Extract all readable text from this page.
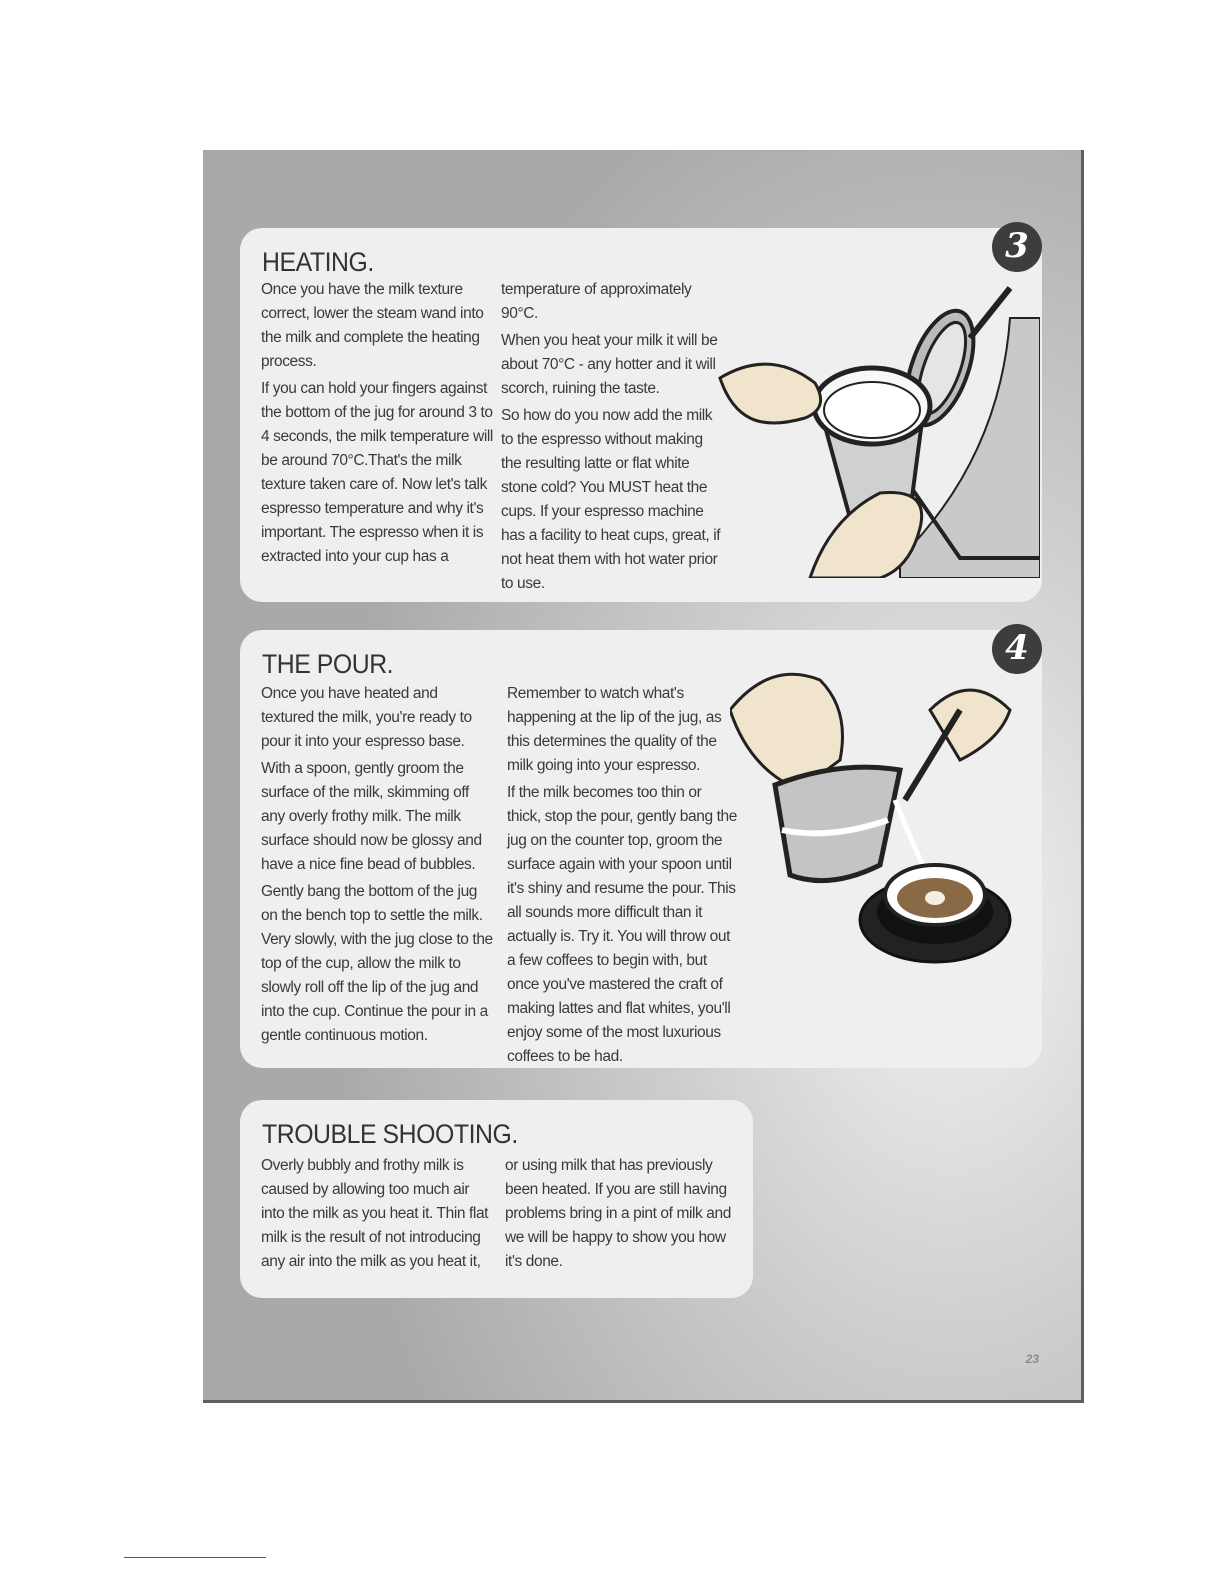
HEATING.

Once you have the milk texture correct, lower the steam wand into the milk and complete the heating process.

If you can hold your fingers against the bottom of the jug for around 3 to 4 seconds, the milk temperature will be around 70°C.That's the milk texture taken care of. Now let's talk espresso temperature and why it's important. The espresso when it is extracted into your cup has a

temperature of approximately 90°C.

When you heat your milk it will be about 70°C - any hotter and it will scorch, ruining the taste.

So how do you now add the milk to the espresso without making the resulting latte or flat white stone cold? You MUST heat the cups. If your espresso machine has a facility to heat cups, great, if not heat them with hot water prior to use.

3
THE POUR.

Once you have heated and textured the milk, you're ready to pour it into your espresso base.

With a spoon, gently groom the surface of the milk, skimming off any overly frothy milk. The milk surface should now be glossy and have a nice fine bead of bubbles.

Gently bang the bottom of the jug on the bench top to settle the milk. Very slowly, with the jug close to the top of the cup, allow the milk to slowly roll off the lip of the jug and into the cup. Continue the pour in a gentle continuous motion.

Remember to watch what's happening at the lip of the jug, as this determines the quality of the milk going into your espresso.

If the milk becomes too thin or thick, stop the pour, gently bang the jug on the counter top, groom the surface again with your spoon until it's shiny and resume the pour. This all sounds more difficult than it actually is. Try it. You will throw out a few coffees to begin with, but once you've mastered the craft of making lattes and flat whites, you'll enjoy some of the most luxurious coffees to be had.

4
TROUBLE SHOOTING.

Overly bubbly and frothy milk is caused by allowing too much air into the milk as you heat it. Thin flat milk is the result of not introducing any air into the milk as you heat it,

or using milk that has previously been heated. If you are still having problems bring in a pint of milk and we will be happy to show you how it's done.

23
